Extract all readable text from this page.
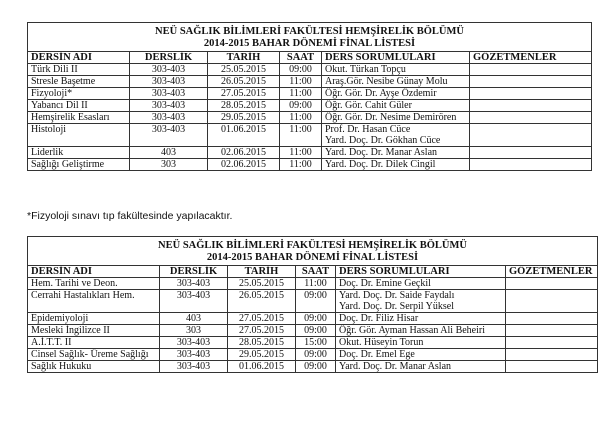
NEÜ SAĞLIK BİLİMLERİ FAKÜLTESİ HEMŞİRELİK BÖLÜMÜ
2014-2015 BAHAR DÖNEMİ FİNAL LİSTESİ					

DERSİN ADI	DERSLİK	TARİH	SAAT	DERS SORUMLULARI	GÖZETMENLER
Türk Dili II	303-403	25.05.2015	09:00	Okut. Türkan Topçu	

Stresle Başetme	303-403	26.05.2015	11:00	Araş.Gör. Nesibe Günay Molu	

Fizyoloji*	303-403	27.05.2015	11:00	Öğr. Gör. Dr. Ayşe Özdemir	

Yabancı Dil II	303-403	28.05.2015	09:00	Öğr. Gör. Cahit Güler	

Hemşirelik Esasları	303-403	29.05.2015	11:00	Öğr. Gör. Dr. Nesime Demirören	

Histoloji	303-403	01.06.2015	11:00	Prof. Dr. Hasan Cüce
Yard. Doç. Dr. Gökhan Cüce	

Liderlik	403	02.06.2015	11:00	Yard. Doç. Dr. Manar Aslan	

Sağlığı Geliştirme	303	02.06.2015	11:00	Yard. Doç. Dr. Dilek Cingil	

*Fizyoloji sınavı tıp fakültesinde yapılacaktır.
NEÜ SAĞLIK BİLİMLERİ FAKÜLTESİ HEMŞİRELİK BÖLÜMÜ
2014-2015 BAHAR DÖNEMİ FİNAL LİSTESİ					

DERSİN ADI	DERSLİK	TARİH	SAAT	DERS SORUMLULARI	GÖZETMENLER
Hem. Tarihi ve Deon.	303-403	25.05.2015	11:00	Doç. Dr. Emine Geçkil	

Cerrahi Hastalıkları Hem.	303-403	26.05.2015	09:00	Yard. Doç. Dr. Saide Faydalı
Yard. Doç. Dr. Serpil Yüksel	

Epidemiyoloji	403	27.05.2015	09:00	Doç. Dr. Filiz Hisar	

Mesleki İngilizce II	303	27.05.2015	09:00	Öğr. Gör. Ayman Hassan Ali Beheiri	

A.İ.T.T. II	303-403	28.05.2015	15:00	Okut. Hüseyin Torun	

Cinsel Sağlık- Üreme Sağlığı	303-403	29.05.2015	09:00	Doç. Dr. Emel Ege	

Sağlık Hukuku	303-403	01.06.2015	09:00	Yard. Doç. Dr. Manar Aslan	
